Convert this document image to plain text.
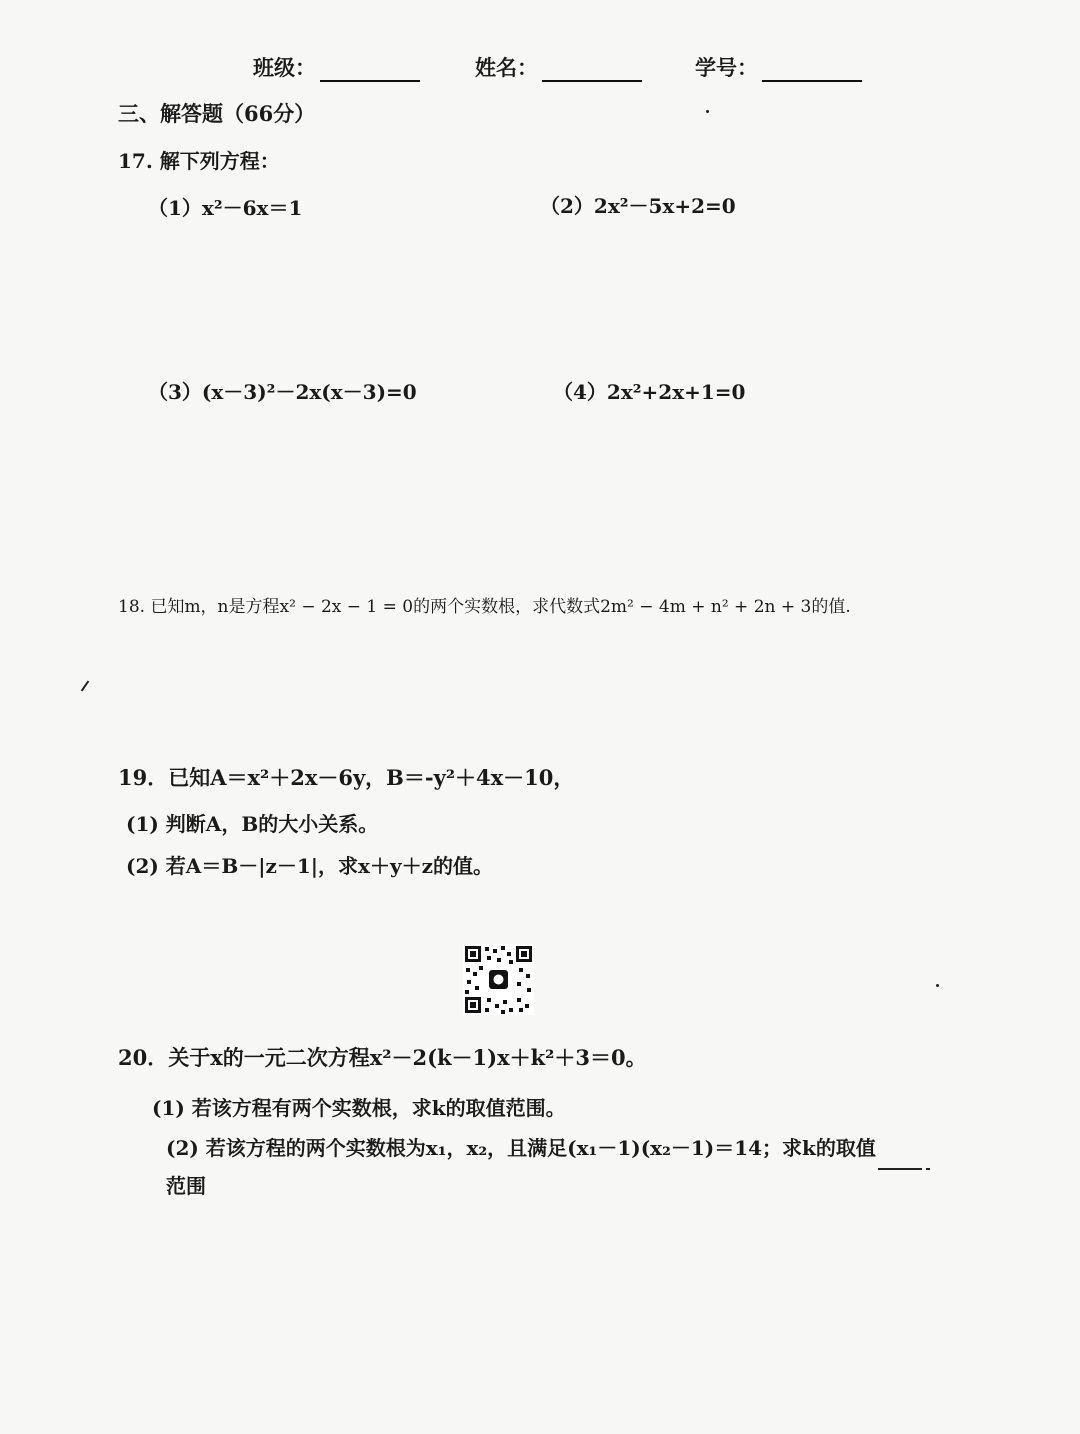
班级：	姓名：	学号：
三、解答题（66分）
17. 解下列方程：
（1）x²－6x＝1	（2）2x²－5x+2=0
（3）(x－3)²－2x(x－3)=0	（4）2x²+2x+1=0
18. 已知m，n是方程x² − 2x − 1 = 0的两个实数根，求代数式2m² − 4m + n² + 2n + 3的值.
19．已知A＝x²＋2x－6y，B＝-y²＋4x－10，
(1) 判断A，B的大小关系。
(2) 若A＝B－|z－1|，求x＋y＋z的值。
20．关于x的一元二次方程x²－2(k－1)x＋k²＋3＝0。
(1) 若该方程有两个实数根，求k的取值范围。
(2) 若该方程的两个实数根为x₁，x₂，且满足(x₁－1)(x₂－1)＝14；求k的取值
范围
